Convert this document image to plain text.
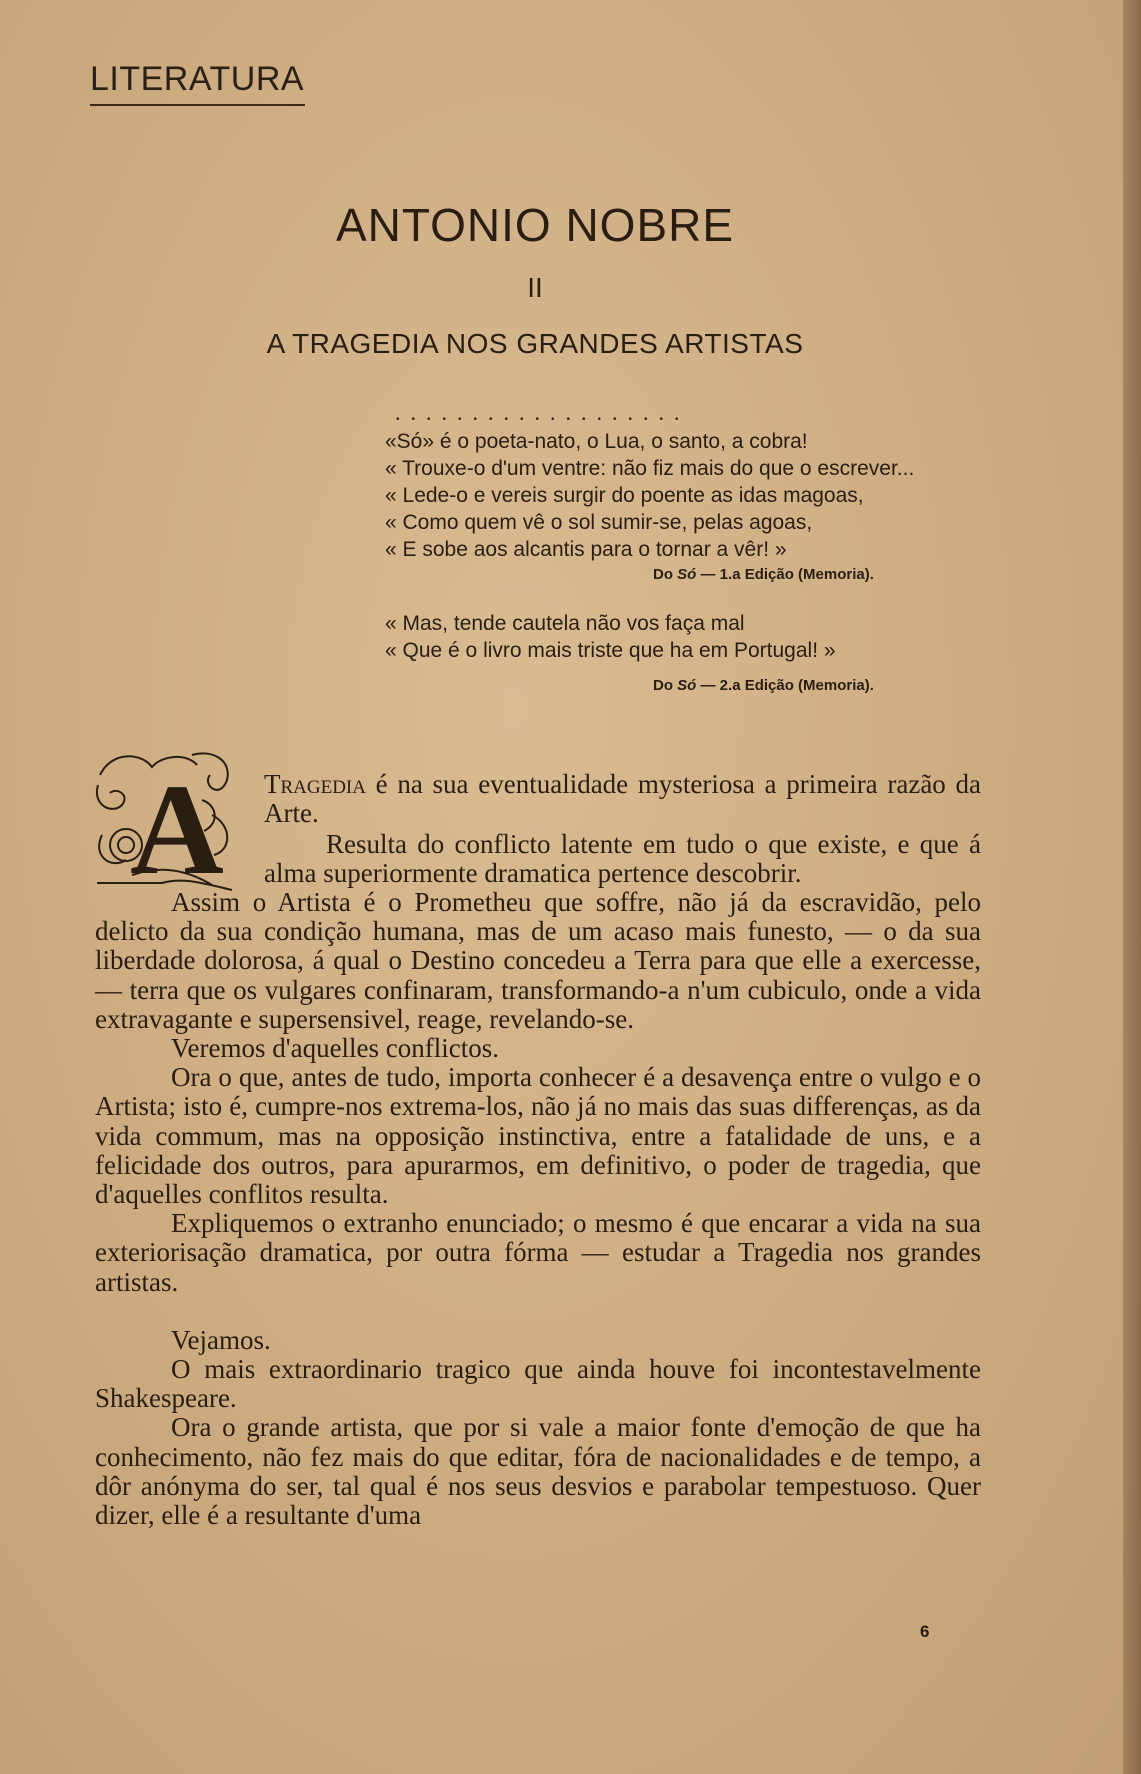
LITERATURA
ANTONIO NOBRE
II
A TRAGEDIA NOS GRANDES ARTISTAS
...................
«Só» é o poeta-nato, o Lua, o santo, a cobra!
« Trouxe-o d'um ventre: não fiz mais do que o escrever...
« Lede-o e vereis surgir do poente as idas magoas,
« Como quem vê o sol sumir-se, pelas agoas,
« E sobe aos alcantis para o tornar a vêr! »
Do Só — 1.a Edição (Memoria).
« Mas, tende cautela não vos faça mal
« Que é o livro mais triste que ha em Portugal! »
Do Só — 2.a Edição (Memoria).
A Tragedia é na sua eventualidade mysteriosa a primeira razão da Arte.

Resulta do conflicto latente em tudo o que existe, e que á alma superiormente dramatica pertence descobrir.

Assim o Artista é o Prometheu que soffre, não já da escravidão, pelo delicto da sua condição humana, mas de um acaso mais funesto, — o da sua liberdade dolorosa, á qual o Destino concedeu a Terra para que elle a exercesse, — terra que os vulgares confinaram, transformando-a n'um cubiculo, onde a vida extravagante e supersensivel, reage, revelando-se.

Veremos d'aquelles conflictos.

Ora o que, antes de tudo, importa conhecer é a desavença entre o vulgo e o Artista; isto é, cumpre-nos extrema-los, não já no mais das suas differenças, as da vida commum, mas na opposição instinctiva, entre a fatalidade de uns, e a felicidade dos outros, para apurarmos, em definitivo, o poder de tragedia, que d'aquelles conflitos resulta.

Expliquemos o extranho enunciado; o mesmo é que encarar a vida na sua exteriorisação dramatica, por outra fórma — estudar a Tragedia nos grandes artistas.

Vejamos.

O mais extraordinario tragico que ainda houve foi incontestavelmente Shakespeare.

Ora o grande artista, que por si vale a maior fonte d'emoção de que ha conhecimento, não fez mais do que editar, fóra de nacionalidades e de tempo, a dôr anónyma do ser, tal qual é nos seus desvios e parabolar tempestuoso. Quer dizer, elle é a resultante d'uma

6
